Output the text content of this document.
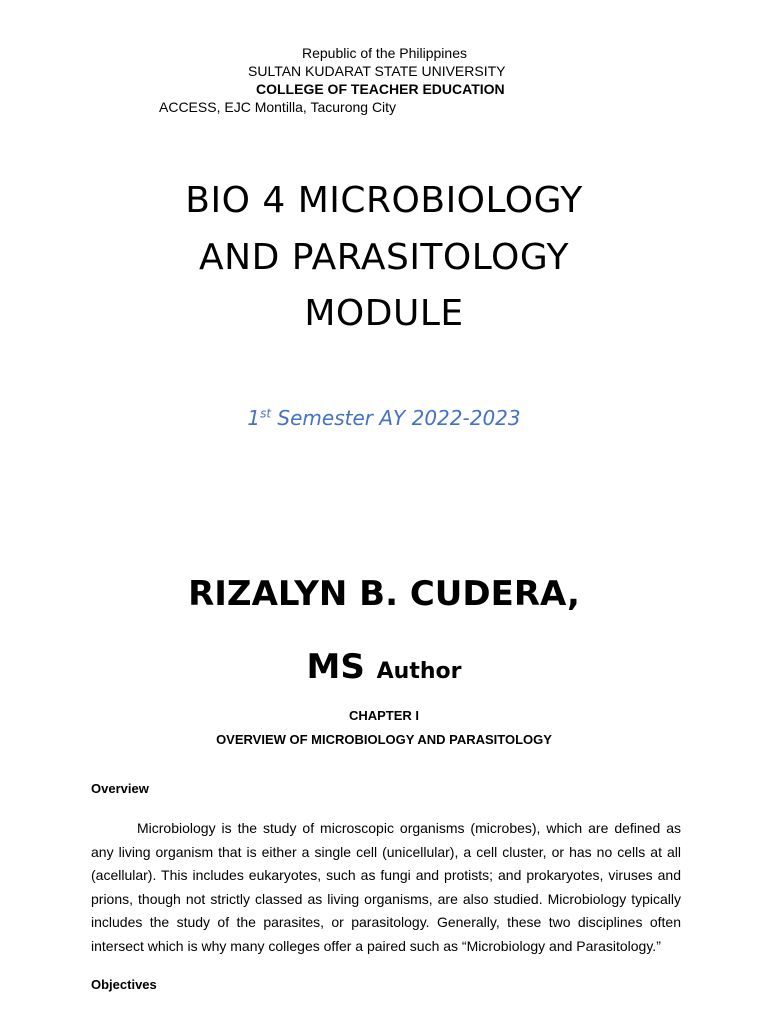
Republic of the Philippines
SULTAN KUDARAT STATE UNIVERSITY
COLLEGE OF TEACHER EDUCATION
ACCESS, EJC Montilla, Tacurong City
BIO 4 MICROBIOLOGY
AND PARASITOLOGY
MODULE
1st Semester AY 2022-2023
RIZALYN B. CUDERA,
MS Author
CHAPTER I
OVERVIEW OF MICROBIOLOGY AND PARASITOLOGY
Overview

Microbiology is the study of microscopic organisms (microbes), which are defined as any living organism that is either a single cell (unicellular), a cell cluster, or has no cells at all (acellular). This includes eukaryotes, such as fungi and protists; and prokaryotes, viruses and prions, though not strictly classed as living organisms, are also studied. Microbiology typically includes the study of the parasites, or parasitology. Generally, these two disciplines often intersect which is why many colleges offer a paired such as “Microbiology and Parasitology.”

Objectives
